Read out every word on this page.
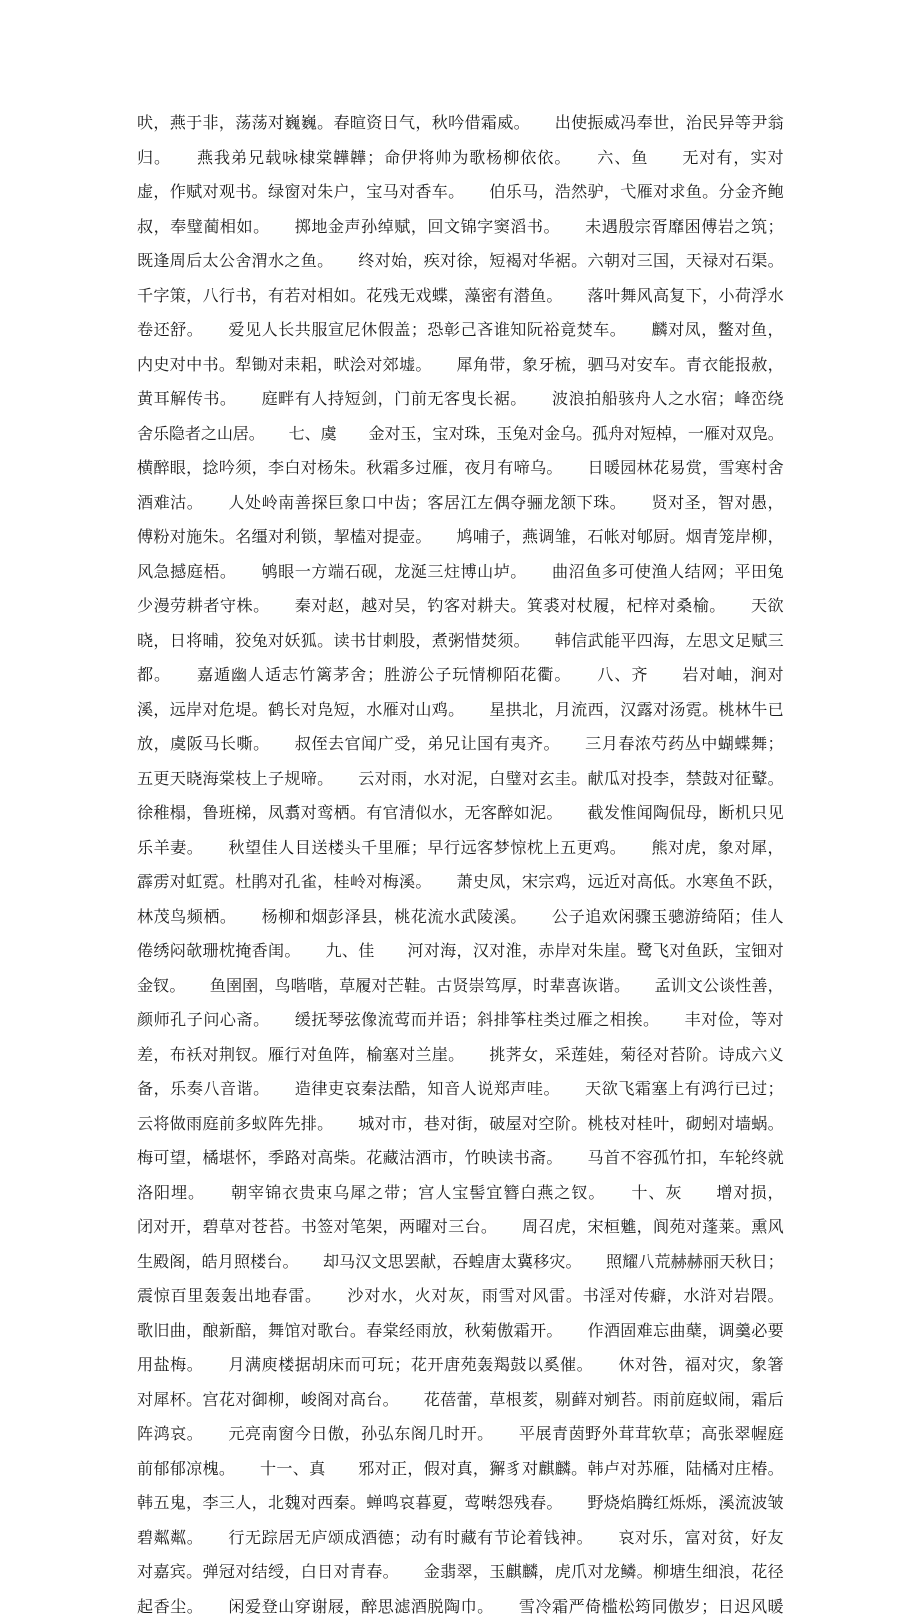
吠，燕于非，荡荡对巍巍。春暄资日气，秋吟借霜威。　　出使振威冯奉世，治民异等尹翁
归。　　燕我弟兄载咏棣棠韡韡；命伊将帅为歌杨柳依依。　　六、鱼　　无对有，实对
虚，作赋对观书。绿窗对朱户，宝马对香车。　　伯乐马，浩然驴，弋雁对求鱼。分金齐鲍
叔，奉璧蔺相如。　　掷地金声孙绰赋，回文锦字窦滔书。　　未遇殷宗胥靡困傅岩之筑；
既逢周后太公舍渭水之鱼。　　终对始，疾对徐，短褐对华裾。六朝对三国，天禄对石渠。
千字策，八行书，有若对相如。花残无戏蝶，藻密有潜鱼。　　落叶舞风高复下，小荷浮水
卷还舒。　　爱见人长共服宣尼休假盖；恐彰己吝谁知阮裕竟焚车。　　麟对凤，鳖对鱼，
内史对中书。犁锄对耒耜，畎浍对郊墟。　　犀角带，象牙梳，驷马对安车。青衣能报赦，
黄耳解传书。　　庭畔有人持短剑，门前无客曳长裾。　　波浪拍船骇舟人之水宿；峰峦绕
舍乐隐者之山居。　　七、虞　　金对玉，宝对珠，玉兔对金乌。孤舟对短棹，一雁对双凫。
横醉眼，捻吟须，李白对杨朱。秋霜多过雁，夜月有啼乌。　　日暖园林花易赏，雪寒村舍
酒难沽。　　人处岭南善探巨象口中齿；客居江左偶夺骊龙颔下珠。　　贤对圣，智对愚，
傅粉对施朱。名缰对利锁，挈榼对提壶。　　鸠哺子，燕调雏，石帐对郇厨。烟青笼岸柳，
风急撼庭梧。　　鸲眼一方端石砚，龙涎三炷博山垆。　　曲沼鱼多可使渔人结网；平田兔
少漫劳耕者守株。　　秦对赵，越对吴，钓客对耕夫。箕裘对杖履，杞梓对桑榆。　　天欲
晓，日将晡，狡兔对妖狐。读书甘刺股，煮粥惜焚须。　　韩信武能平四海，左思文足赋三
都。　　嘉遁幽人适志竹篱茅舍；胜游公子玩情柳陌花衢。　　八、齐　　岩对岫，涧对
溪，远岸对危堤。鹤长对凫短，水雁对山鸡。　　星拱北，月流西，汉露对汤霓。桃林牛已
放，虞阪马长嘶。　　叔侄去官闻广受，弟兄让国有夷齐。　　三月春浓芍药丛中蝴蝶舞；
五更天晓海棠枝上子规啼。　　云对雨，水对泥，白璧对玄圭。献瓜对投李，禁鼓对征鼙。
徐稚榻，鲁班梯，凤翥对鸾栖。有官清似水，无客醉如泥。　　截发惟闻陶侃母，断机只见
乐羊妻。　　秋望佳人目送楼头千里雁；早行远客梦惊枕上五更鸡。　　熊对虎，象对犀，
霹雳对虹霓。杜鹃对孔雀，桂岭对梅溪。　　萧史凤，宋宗鸡，远近对高低。水寒鱼不跃，
林茂鸟频栖。　　杨柳和烟彭泽县，桃花流水武陵溪。　　公子追欢闲骤玉骢游绮陌；佳人
倦绣闷欹珊枕掩香闺。　　九、佳　　河对海，汉对淮，赤岸对朱崖。鹭飞对鱼跃，宝钿对
金钗。　　鱼圉圉，鸟喈喈，草履对芒鞋。古贤崇笃厚，时辈喜诙谐。　　孟训文公谈性善，
颜师孔子问心斋。　　缓抚琴弦像流莺而并语；斜排筝柱类过雁之相挨。　　丰对俭，等对
差，布袄对荆钗。雁行对鱼阵，榆塞对兰崖。　　挑荠女，采莲娃，菊径对苔阶。诗成六义
备，乐奏八音谐。　　造律吏哀秦法酷，知音人说郑声哇。　　天欲飞霜塞上有鸿行已过；
云将做雨庭前多蚁阵先排。　　城对市，巷对街，破屋对空阶。桃枝对桂叶，砌蚓对墙蜗。
梅可望，橘堪怀，季路对高柴。花藏沽酒市，竹映读书斋。　　马首不容孤竹扣，车轮终就
洛阳埋。　　朝宰锦衣贵束乌犀之带；宫人宝髻宜簪白燕之钗。　　十、灰　　增对损，
闭对开，碧草对苍苔。书签对笔架，两曜对三台。　　周召虎，宋桓魋，阆苑对蓬莱。熏风
生殿阁，皓月照楼台。　　却马汉文思罢献，吞蝗唐太冀移灾。　　照耀八荒赫赫丽天秋日；
震惊百里轰轰出地春雷。　　沙对水，火对灰，雨雪对风雷。书淫对传癖，水浒对岩隈。
歌旧曲，酿新醅，舞馆对歌台。春棠经雨放，秋菊傲霜开。　　作酒固难忘曲蘖，调羹必要
用盐梅。　　月满庾楼据胡床而可玩；花开唐苑轰羯鼓以奚催。　　休对咎，福对灾，象箸
对犀杯。宫花对御柳，峻阁对高台。　　花蓓蕾，草根荄，剔藓对剜苔。雨前庭蚁闹，霜后
阵鸿哀。　　元亮南窗今日傲，孙弘东阁几时开。　　平展青茵野外茸茸软草；高张翠幄庭
前郁郁凉槐。　　十一、真　　邪对正，假对真，獬豸对麒麟。韩卢对苏雁，陆橘对庄椿。
韩五鬼，李三人，北魏对西秦。蝉鸣哀暮夏，莺啭怨残春。　　野烧焰腾红烁烁，溪流波皱
碧粼粼。　　行无踪居无庐颂成酒德；动有时藏有节论着钱神。　　哀对乐，富对贫，好友
对嘉宾。弹冠对结绶，白日对青春。　　金翡翠，玉麒麟，虎爪对龙鳞。柳塘生细浪，花径
起香尘。　　闲爱登山穿谢屐，醉思滤酒脱陶巾。　　雪冷霜严倚槛松筠同傲岁；日迟风暖
